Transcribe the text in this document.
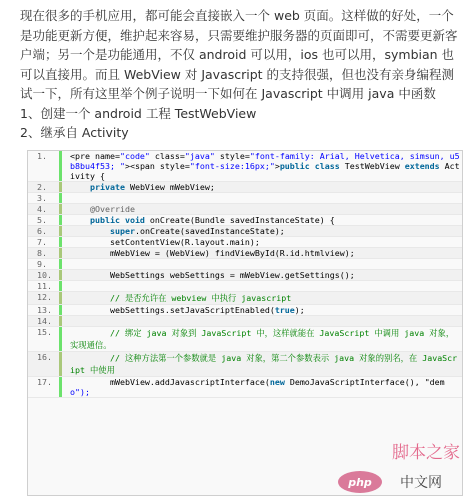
现在很多的手机应用，都可能会直接嵌入一个 web 页面。这样做的好处，一个是功能更新方便，维护起来容易，只需要维护服务器的页面即可，不需要更新客户端；另一个是功能通用，不仅 android 可以用，ios 也可以用，symbian 也可以直接用。而且 WebView 对 Javascript 的支持很强，但也没有亲身编程测试一下，所有这里举个例子说明一下如何在 Javascript 中调用 java 中函数

1、创建一个 android 工程 TestWebView

2、继承自 Activity

1.	<pre name="code" class="java" style="font-family: Arial, Helvetica, simsun, u5b8bu4f53; "><span style="font-size:16px;">public class TestWebView extends Activity {
2.	private WebView mWebView;
3.
4.	@Override
5.	public void onCreate(Bundle savedInstanceState) {
6.	super.onCreate(savedInstanceState);
7.	setContentView(R.layout.main);
8.	mWebView = (WebView) findViewById(R.id.htmlview);
9.
10.	WebSettings webSettings = mWebView.getSettings();
11.
12.	// 是否允许在 webview 中执行 javascript
13.	webSettings.setJavaScriptEnabled(true);
14.
15.	// 绑定 java 对象到 JavaScript 中，这样就能在 JavaScript 中调用 java 对象，实现通信。
16.	// 这种方法第一个参数就是 java 对象，第二个参数表示 java 对象的别名，在 JavaScript 中使用
17.	mWebView.addJavascriptInterface(new DemoJavaScriptInterface(), "demo");
脚本之家
php 中文网
